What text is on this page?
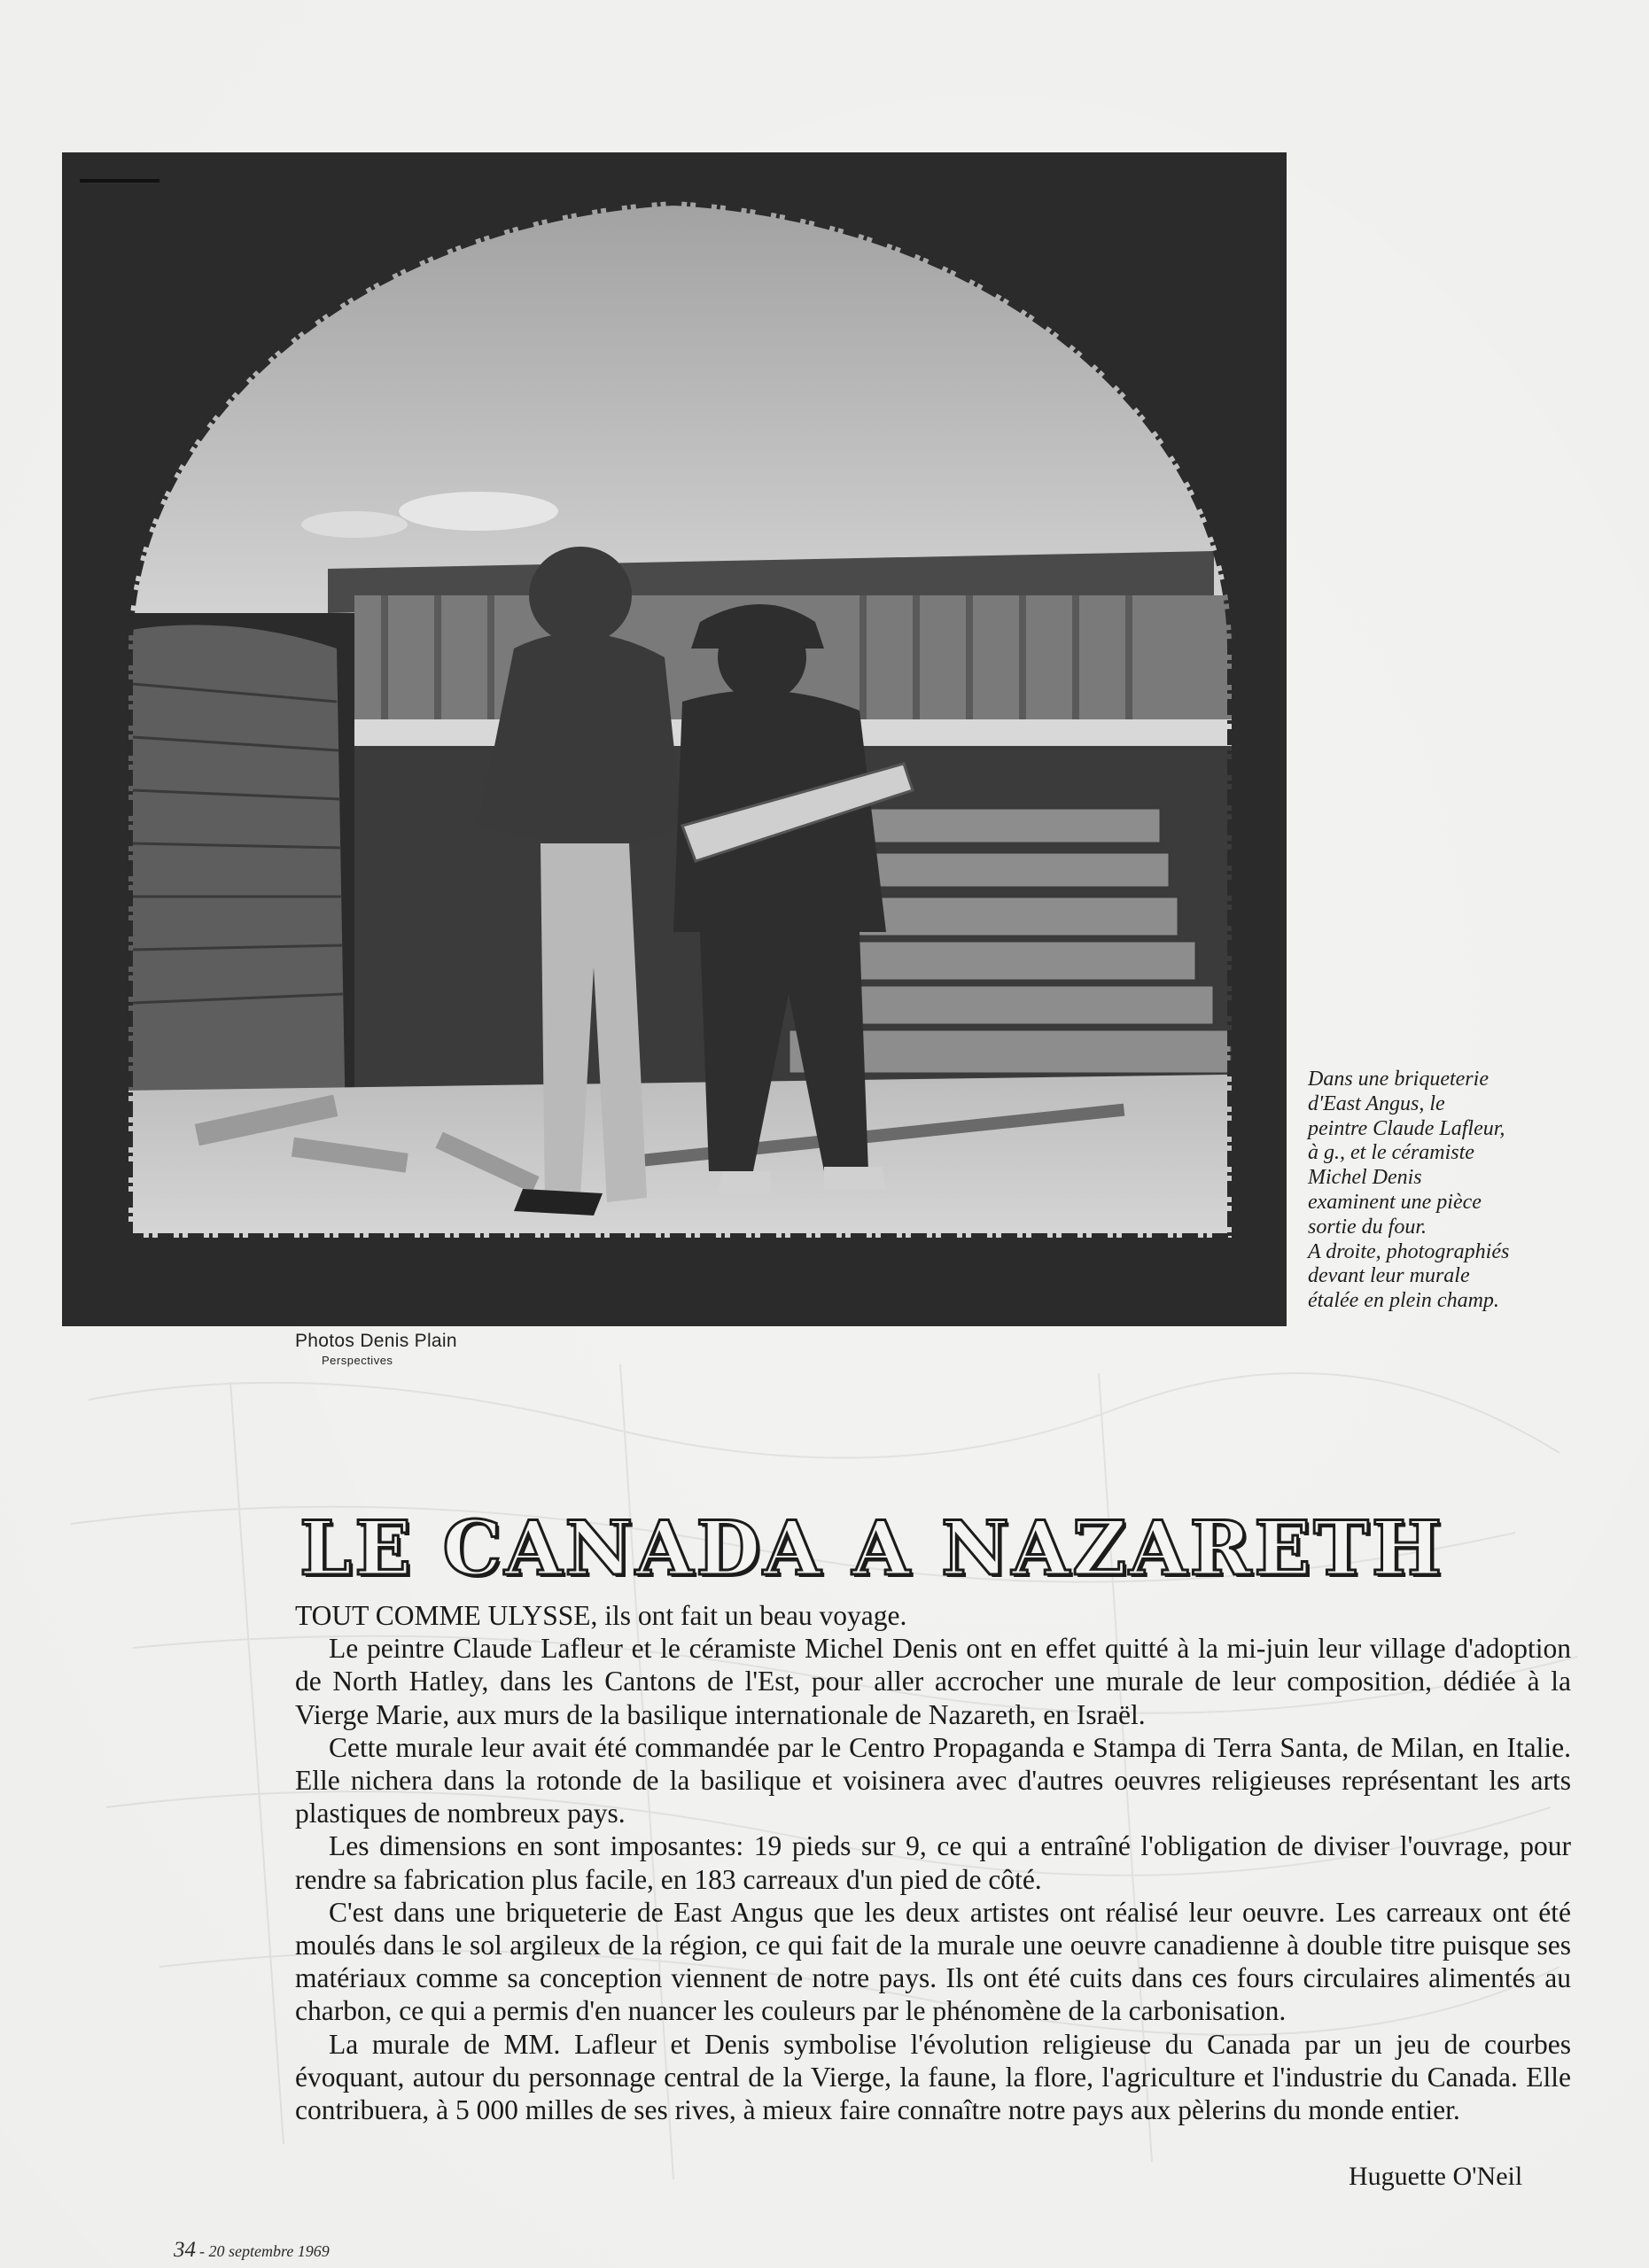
Dans une briqueterie
d'East Angus, le
peintre Claude Lafleur,
à g., et le céramiste
Michel Denis
examinent une pièce
sortie du four.
A droite, photographiés
devant leur murale
étalée en plein champ.
Photos Denis Plain
Perspectives
LE CANADA A NAZARETH

TOUT COMME ULYSSE, ils ont fait un beau voyage.

Le peintre Claude Lafleur et le céramiste Michel Denis ont en effet quitté à la mi-juin leur village d'adoption de North Hatley, dans les Cantons de l'Est, pour aller accrocher une murale de leur composition, dédiée à la Vierge Marie, aux murs de la basilique internationale de Nazareth, en Israël.

Cette murale leur avait été commandée par le Centro Propaganda e Stampa di Terra Santa, de Milan, en Italie. Elle nichera dans la rotonde de la basilique et voisinera avec d'autres oeuvres religieuses représentant les arts plastiques de nombreux pays.

Les dimensions en sont imposantes: 19 pieds sur 9, ce qui a entraîné l'obligation de diviser l'ouvrage, pour rendre sa fabrication plus facile, en 183 carreaux d'un pied de côté.

C'est dans une briqueterie de East Angus que les deux artistes ont réalisé leur oeuvre. Les carreaux ont été moulés dans le sol argileux de la région, ce qui fait de la murale une oeuvre canadienne à double titre puisque ses matériaux comme sa conception viennent de notre pays. Ils ont été cuits dans ces fours circulaires alimentés au charbon, ce qui a permis d'en nuancer les couleurs par le phénomène de la carbonisation.

La murale de MM. Lafleur et Denis symbolise l'évolution religieuse du Canada par un jeu de courbes évoquant, autour du personnage central de la Vierge, la faune, la flore, l'agriculture et l'industrie du Canada. Elle contribuera, à 5 000 milles de ses rives, à mieux faire connaître notre pays aux pèlerins du monde entier.

Huguette O'Neil
34 - 20 septembre 1969
